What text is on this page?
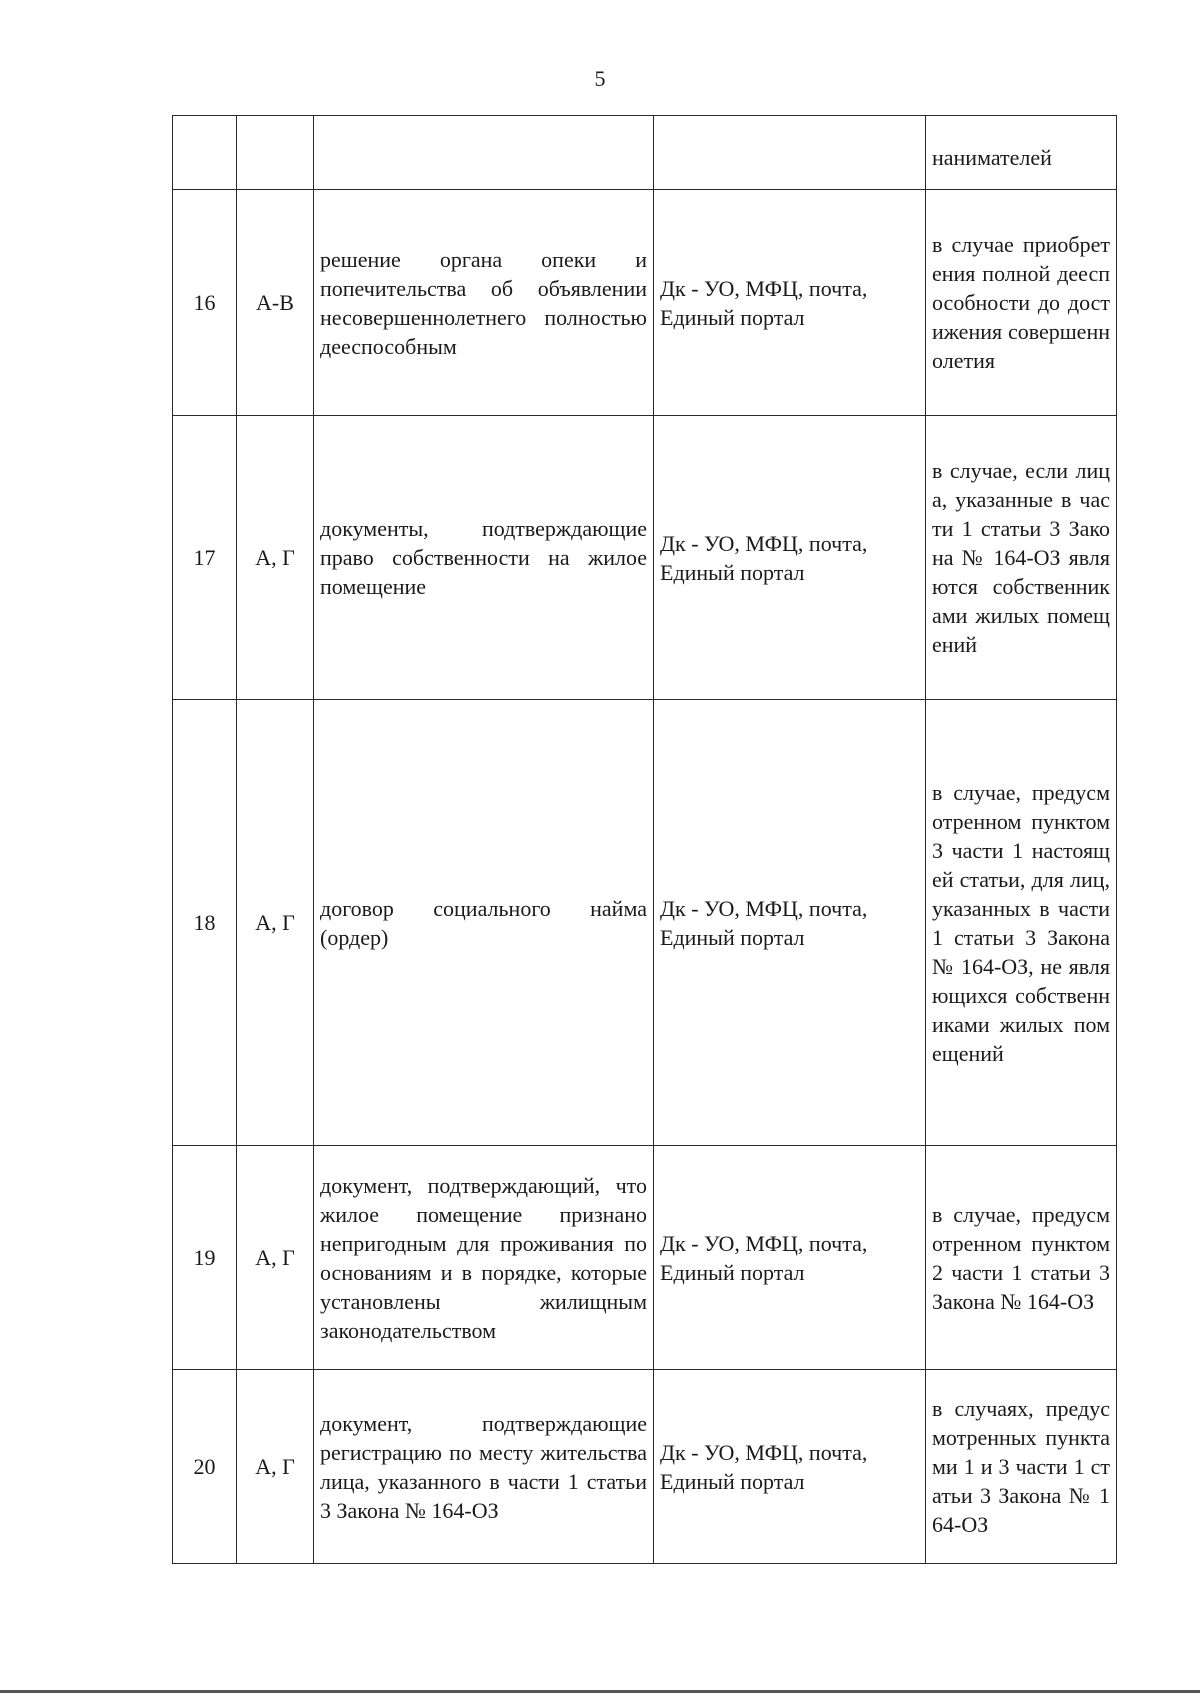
5
				нанимателей
16	А-В	решение органа опеки и попечительства об объявлении несовершеннолетнего полностью дееспособным	Дк - УО, МФЦ, почта, Единый портал	в случае приобретения полной дееспособности до достижения совершеннолетия
17	А, Г	документы, подтверждающие право собственности на жилое помещение	Дк - УО, МФЦ, почта, Единый портал	в случае, если лица, указанные в части 1 статьи 3 Закона № 164-ОЗ являются собственниками жилых помещений
18	А, Г	договор социального найма (ордер)	Дк - УО, МФЦ, почта, Единый портал	в случае, предусмотренном пунктом 3 части 1 настоящей статьи, для лиц, указанных в части 1 статьи 3 Закона № 164-ОЗ, не являющихся собственниками жилых помещений
19	А, Г	документ, подтверждающий, что жилое помещение признано непригодным для проживания по основаниям и в порядке, которые установлены жилищным законодательством	Дк - УО, МФЦ, почта, Единый портал	в случае, предусмотренном пунктом 2 части 1 статьи 3 Закона № 164-ОЗ
20	А, Г	документ, подтверждающие регистрацию по месту жительства лица, указанного в части 1 статьи 3 Закона № 164-ОЗ	Дк - УО, МФЦ, почта, Единый портал	в случаях, предусмотренных пунктами 1 и 3 части 1 статьи 3 Закона № 164-ОЗ
